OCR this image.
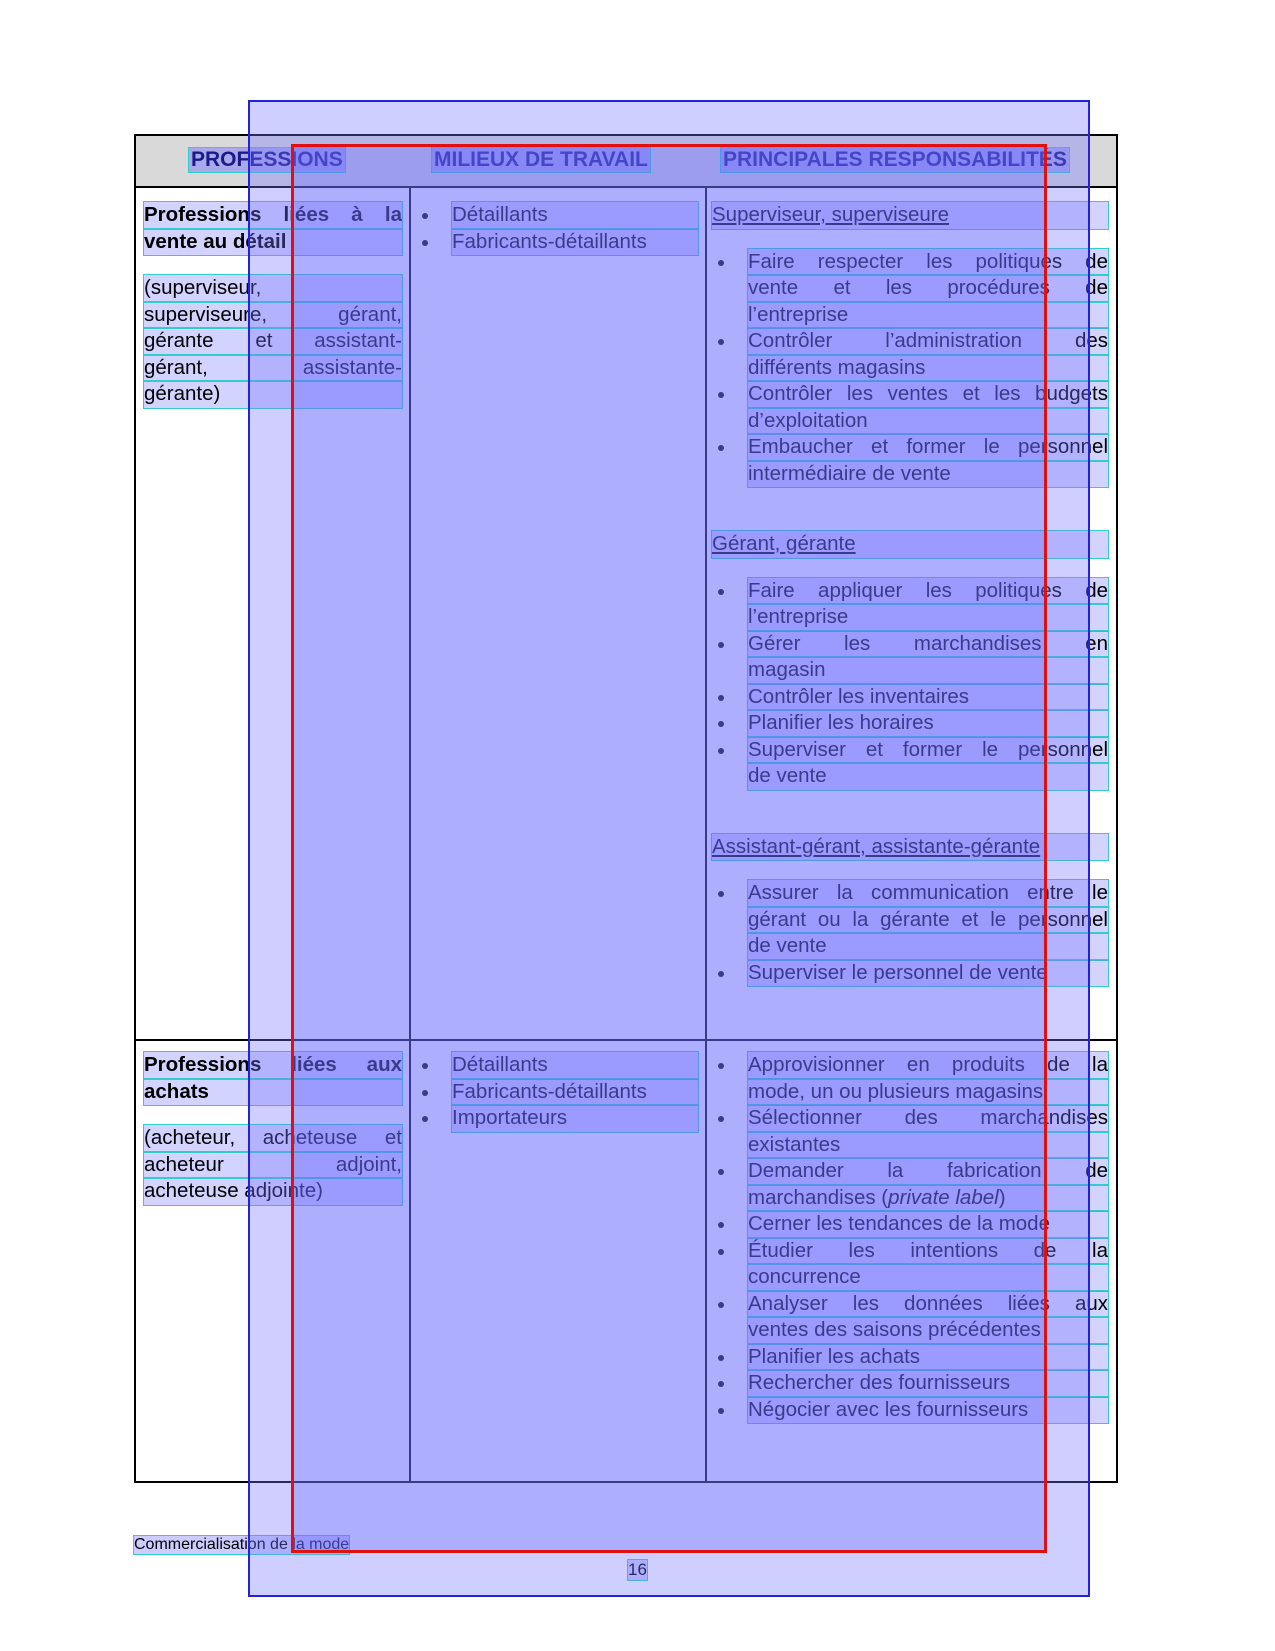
PROFESSIONS	MILIEUX DE TRAVAIL	PRINCIPALES RESPONSABILITÉS
Professions liées à la
vente au détail
(superviseur,
superviseure, gérant,
gérante et assistant-
gérant, assistante-
gérante)
Détaillants
Fabricants-détaillants
Superviseur, superviseure
Faire respecter les politiques de
vente et les procédures de
l’entreprise
Contrôler l’administration des
différents magasins
Contrôler les ventes et les budgets
d’exploitation
Embaucher et former le personnel
intermédiaire de vente
Gérant, gérante
Faire appliquer les politiques de
l’entreprise
Gérer les marchandises en
magasin
Contrôler les inventaires
Planifier les horaires
Superviser et former le personnel
de vente
Assistant-gérant, assistante-gérante
Assurer la communication entre le
gérant ou la gérante et le personnel
de vente
Superviser le personnel de vente
Professions liées aux
achats
(acheteur, acheteuse et
acheteur adjoint,
acheteuse adjointe)
Détaillants
Fabricants-détaillants
Importateurs
Approvisionner en produits de la
mode, un ou plusieurs magasins
Sélectionner des marchandises
existantes
Demander la fabrication de
marchandises (private label)
Cerner les tendances de la mode
Étudier les intentions de la
concurrence
Analyser les données liées aux
ventes des saisons précédentes
Planifier les achats
Rechercher des fournisseurs
Négocier avec les fournisseurs
Commercialisation de la mode
16
